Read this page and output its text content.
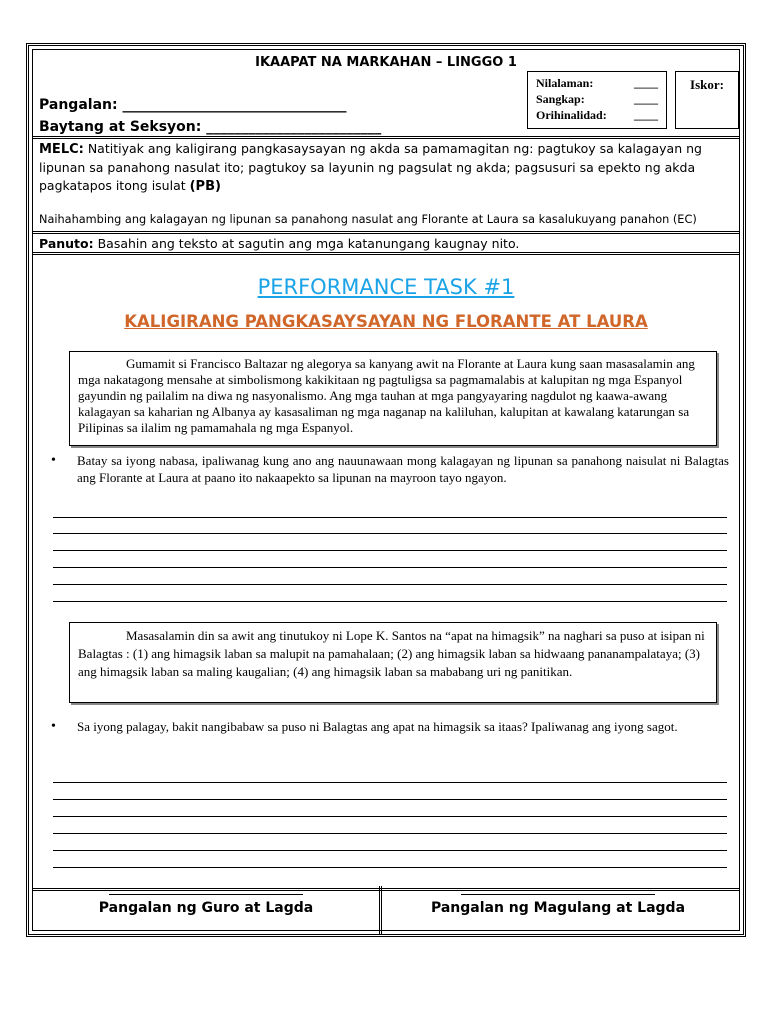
IKAAPAT NA MARKAHAN – LINGGO 1
Pangalan: ________________________________
Baytang at Seksyon: _________________________
Nilalaman:	____
Sangkap:	____
Orihinalidad: ____
Iskor:
MELC: Natitiyak ang kaligirang pangkasaysayan ng akda sa pamamagitan ng: pagtukoy sa kalagayan ng lipunan sa panahong nasulat ito; pagtukoy sa layunin ng pagsulat ng akda; pagsusuri sa epekto ng akda pagkatapos itong isulat (PB)
Naihahambing ang kalagayan ng lipunan sa panahong nasulat ang Florante at Laura sa kasalukuyang panahon (EC)
Panuto: Basahin ang teksto at sagutin ang mga katanungang kaugnay nito.
PERFORMANCE TASK #1
KALIGIRANG PANGKASAYSAYAN NG FLORANTE AT LAURA
Gumamit si Francisco Baltazar ng alegorya sa kanyang awit na Florante at Laura kung saan masasalamin ang mga nakatagong mensahe at simbolismong kakikitaan ng pagtuligsa sa pagmamalabis at kalupitan ng mga Espanyol gayundin ng pailalim na diwa ng nasyonalismo. Ang mga tauhan at mga pangyayaring nagdulot ng kaawa-awang kalagayan sa kaharian ng Albanya ay kasasaliman ng mga naganap na kaliluhan, kalupitan at kawalang katarungan sa Pilipinas sa ilalim ng pamamahala ng mga Espanyol.
•	Batay sa iyong nabasa, ipaliwanag kung ano ang nauunawaan mong kalagayan ng lipunan sa panahong naisulat ni Balagtas ang Florante at Laura at paano ito nakaapekto sa lipunan na mayroon tayo ngayon.
Masasalamin din sa awit ang tinutukoy ni Lope K. Santos na “apat na himagsik” na naghari sa puso at isipan ni Balagtas : (1) ang himagsik laban sa malupit na pamahalaan; (2) ang himagsik laban sa hidwaang pananampalataya; (3) ang himagsik laban sa maling kaugalian; (4) ang himagsik laban sa mababang uri ng panitikan.
•	Sa iyong palagay, bakit nangibabaw sa puso ni Balagtas ang apat na himagsik sa itaas? Ipaliwanag ang iyong sagot.
Pangalan ng Guro at Lagda	Pangalan ng Magulang at Lagda
